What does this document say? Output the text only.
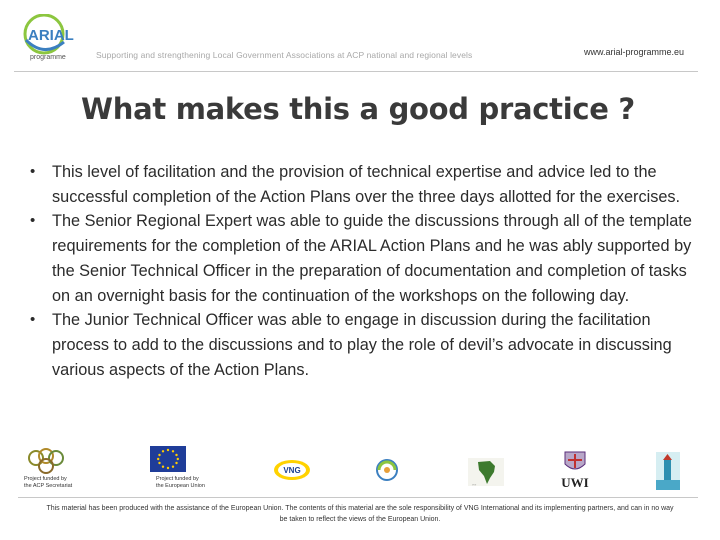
ARIAL
programme	Supporting and strengthening Local Government Associations at ACP national and regional levels	www.arial-programme.eu
What makes this a good practice ?
• This level of facilitation and the provision of technical expertise and advice led to the successful completion of the Action Plans over the three days allotted for the exercises.
• The Senior Regional Expert was able to guide the discussions through all of the template requirements for the completion of the ARIAL Action Plans and he was ably supported by the Senior Technical Officer in the preparation of documentation and completion of tasks on an overnight basis for the continuation of the workshops on the following day.
• The Junior Technical Officer was able to engage in discussion during the facilitation process to add to the discussions and to play the role of devil’s advocate in discussing various aspects of the Action Plans.
Project funded by
the ACP Secretariat
Project funded by
the European Union
VNG
◦◦◦	UWI
This material has been produced with the assistance of the European Union. The contents of this material are the sole responsibility of VNG International and its implementing partners, and can in no way
be taken to reflect the views of the European Union.
